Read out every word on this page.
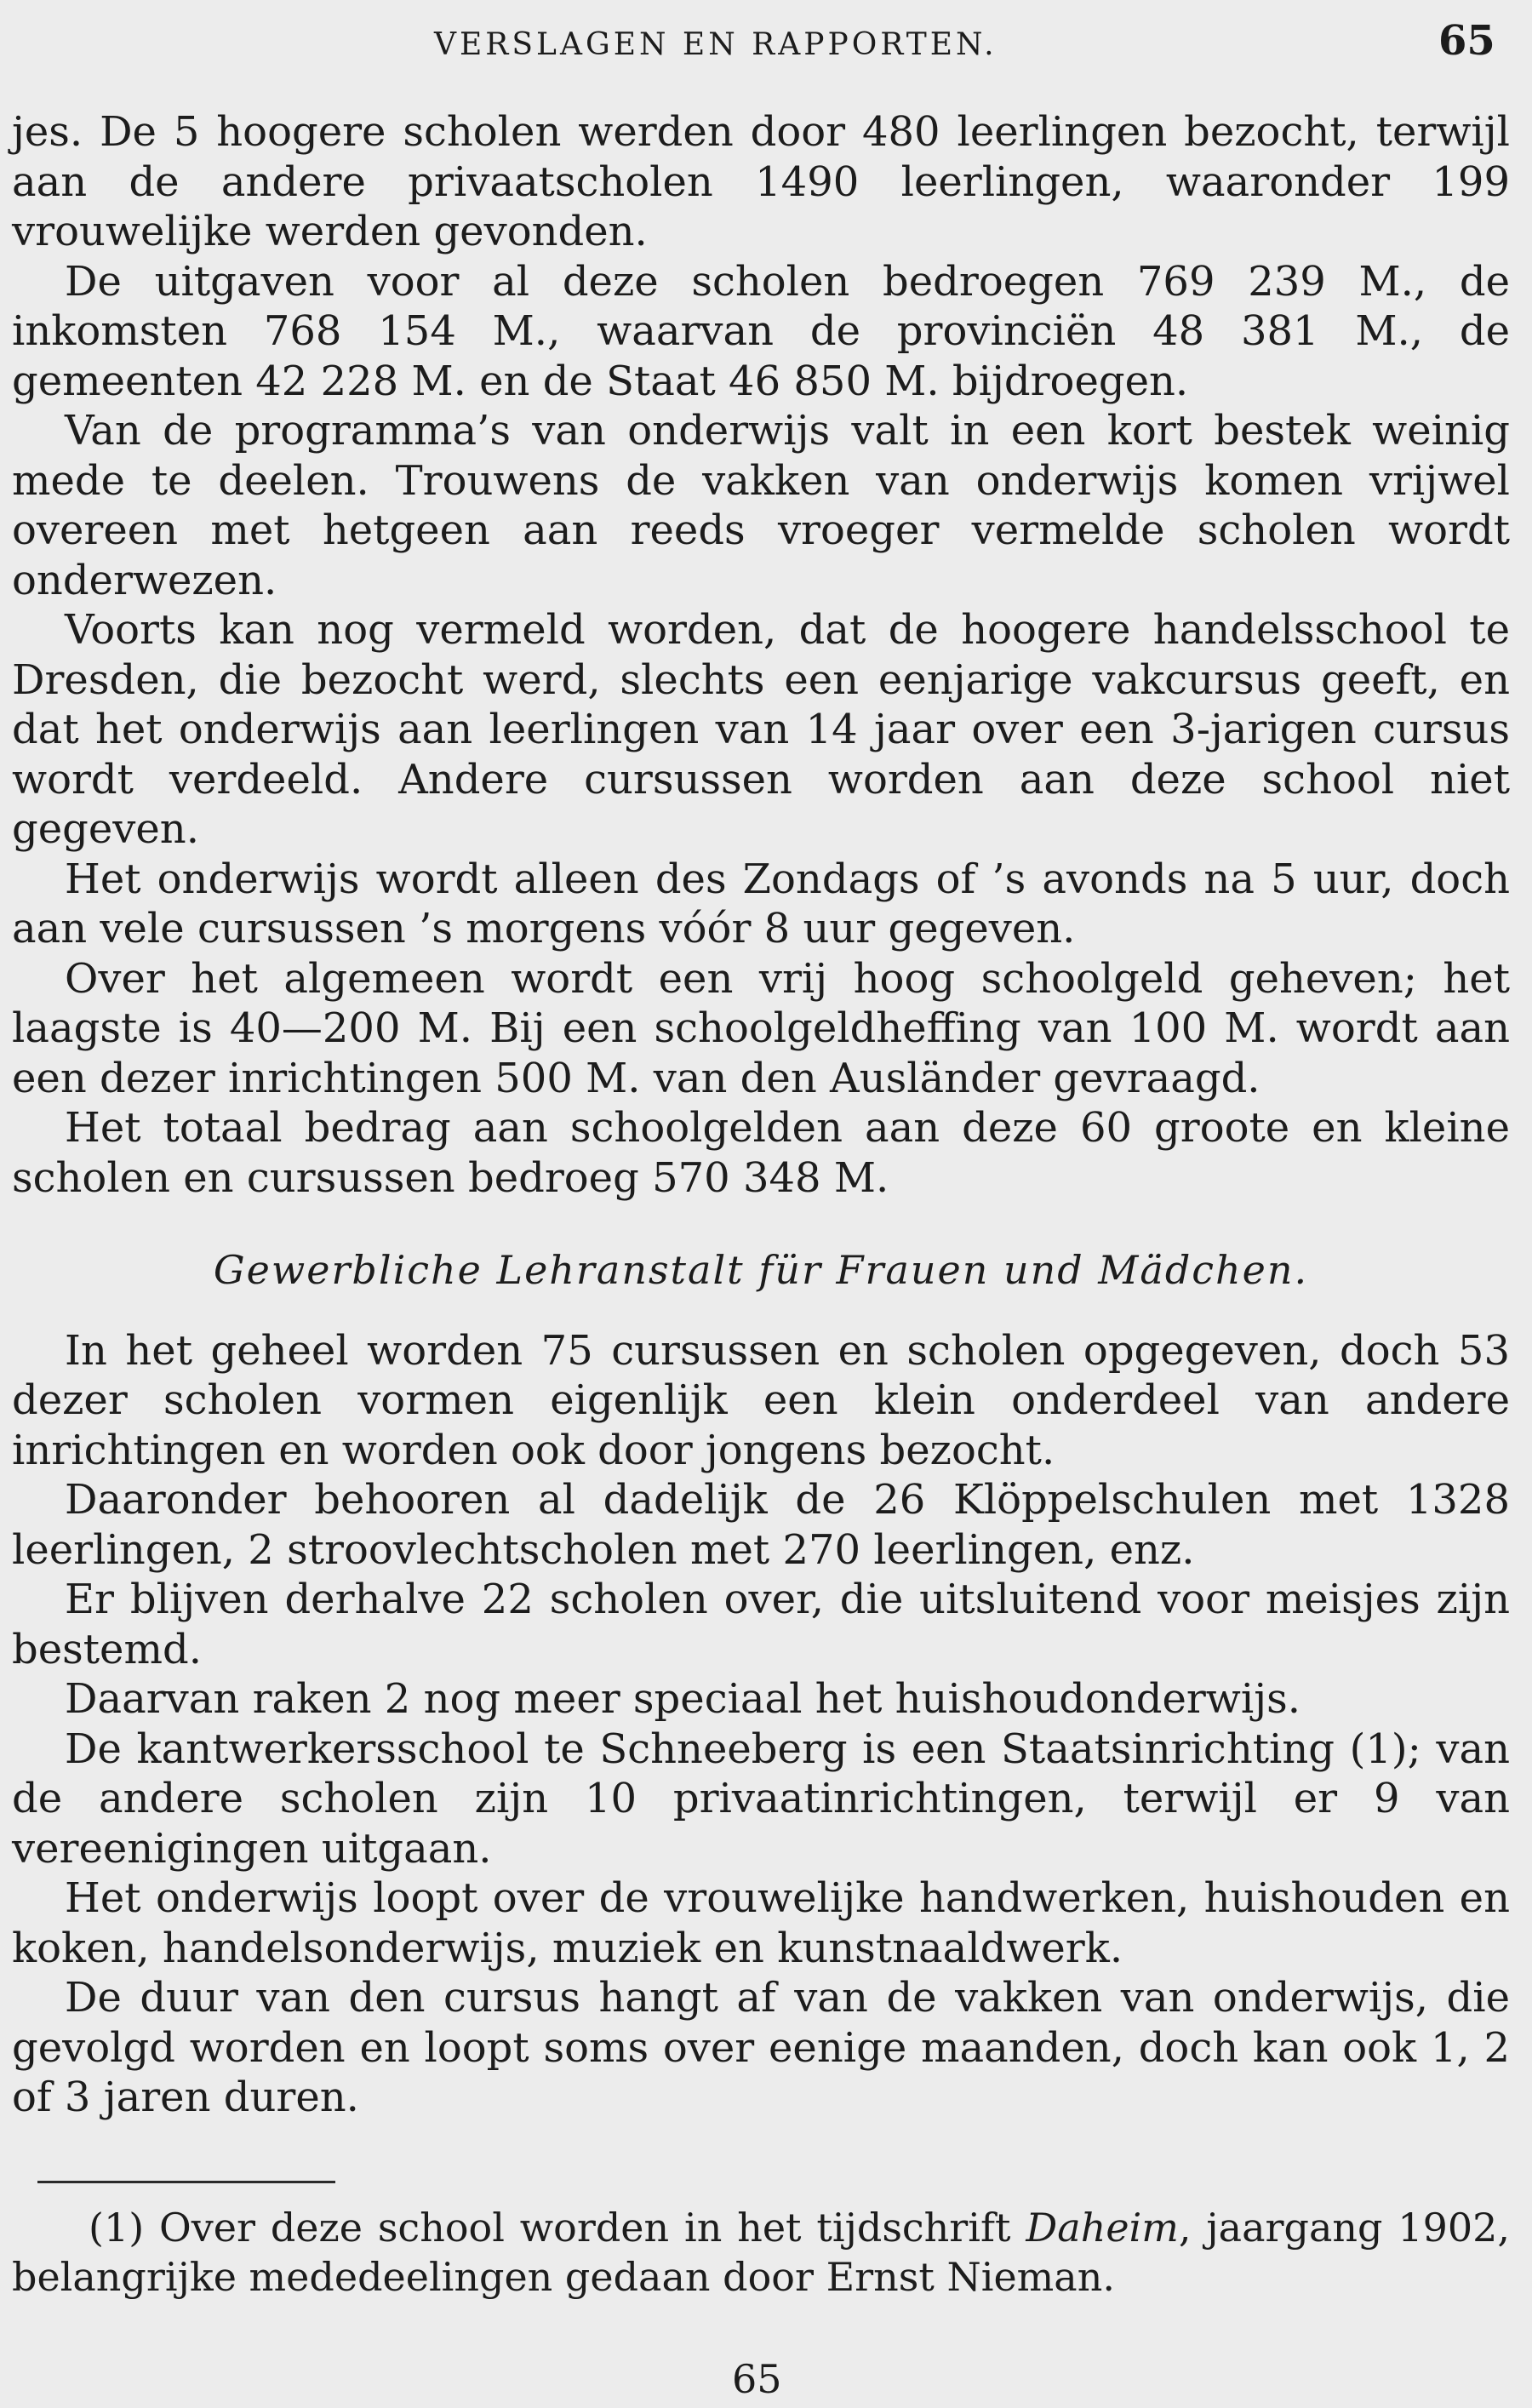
VERSLAGEN EN RAPPORTEN.	65

jes. De 5 hoogere scholen werden door 480 leerlingen bezocht, terwijl aan de andere privaatscholen 1490 leerlingen, waaronder 199 vrouwelijke werden gevonden.

De uitgaven voor al deze scholen bedroegen 769 239 M., de inkomsten 768 154 M., waarvan de provinciën 48 381 M., de gemeenten 42 228 M. en de Staat 46 850 M. bijdroegen.

Van de programma’s van onderwijs valt in een kort bestek weinig mede te deelen. Trouwens de vakken van onderwijs komen vrijwel overeen met hetgeen aan reeds vroeger vermelde scholen wordt onderwezen.

Voorts kan nog vermeld worden, dat de hoogere handelsschool te Dresden, die bezocht werd, slechts een eenjarige vakcursus geeft, en dat het onderwijs aan leerlingen van 14 jaar over een 3-jarigen cursus wordt verdeeld. Andere cursussen worden aan deze school niet gegeven.

Het onderwijs wordt alleen des Zondags of ’s avonds na 5 uur, doch aan vele cursussen ’s morgens vóór 8 uur gegeven.

Over het algemeen wordt een vrij hoog schoolgeld geheven; het laagste is 40—200 M. Bij een schoolgeldheffing van 100 M. wordt aan een dezer inrichtingen 500 M. van den Ausländer gevraagd.

Het totaal bedrag aan schoolgelden aan deze 60 groote en kleine scholen en cursussen bedroeg 570 348 M.

Gewerbliche Lehranstalt für Frauen und Mädchen.

In het geheel worden 75 cursussen en scholen opgegeven, doch 53 dezer scholen vormen eigenlijk een klein onderdeel van andere inrichtingen en worden ook door jongens bezocht.

Daaronder behooren al dadelijk de 26 Klöppelschulen met 1328 leerlingen, 2 stroovlechtscholen met 270 leerlingen, enz.

Er blijven derhalve 22 scholen over, die uitsluitend voor meisjes zijn bestemd.

Daarvan raken 2 nog meer speciaal het huishoudonderwijs.

De kantwerkersschool te Schneeberg is een Staatsinrichting (1); van de andere scholen zijn 10 privaatinrichtingen, terwijl er 9 van vereenigingen uitgaan.

Het onderwijs loopt over de vrouwelijke handwerken, huishouden en koken, handelsonderwijs, muziek en kunstnaaldwerk.

De duur van den cursus hangt af van de vakken van onderwijs, die gevolgd worden en loopt soms over eenige maanden, doch kan ook 1, 2 of 3 jaren duren.

(1) Over deze school worden in het tijdschrift Daheim, jaargang 1902, belangrijke mededeelingen gedaan door Ernst Nieman.
65
